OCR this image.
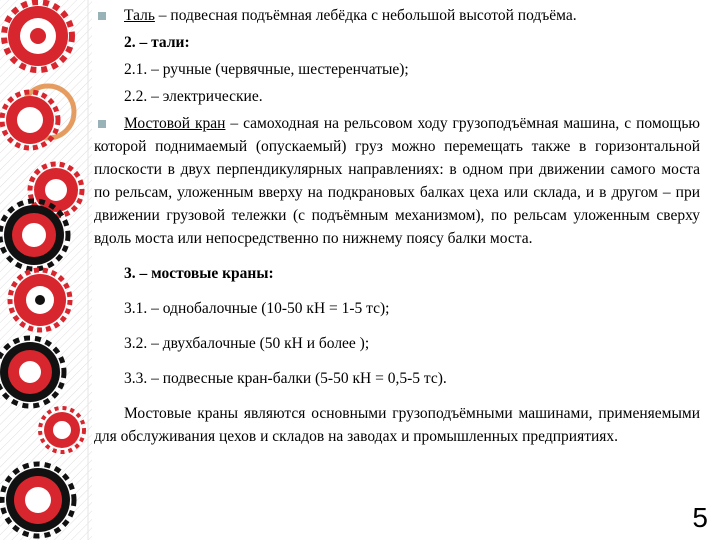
Таль – подвесная подъёмная лебёдка с небольшой высотой подъёма.
2. – тали:
2.1. – ручные (червячные, шестеренчатые);
2.2. – электрические.
Мостовой кран – самоходная на рельсовом ходу грузоподъёмная машина, с помощью которой поднимаемый (опускаемый) груз можно перемещать также в горизонтальной плоскости в двух перпендикулярных направлениях: в одном при движении самого моста по рельсам, уложенным вверху на подкрановых балках цеха или склада, и в другом – при движении грузовой тележки (с подъёмным механизмом), по рельсам уложенным сверху вдоль моста или непосредственно по нижнему поясу балки моста.
3. – мостовые краны:
3.1. – однобалочные (10-50 кН = 1-5 тс);
3.2. – двухбалочные (50 кН и более );
3.3. – подвесные кран-балки (5-50 кН = 0,5-5 тс).
Мостовые краны являются основными грузоподъёмными машинами, применяемыми для обслуживания цехов и складов на заводах и промышленных предприятиях.
5
